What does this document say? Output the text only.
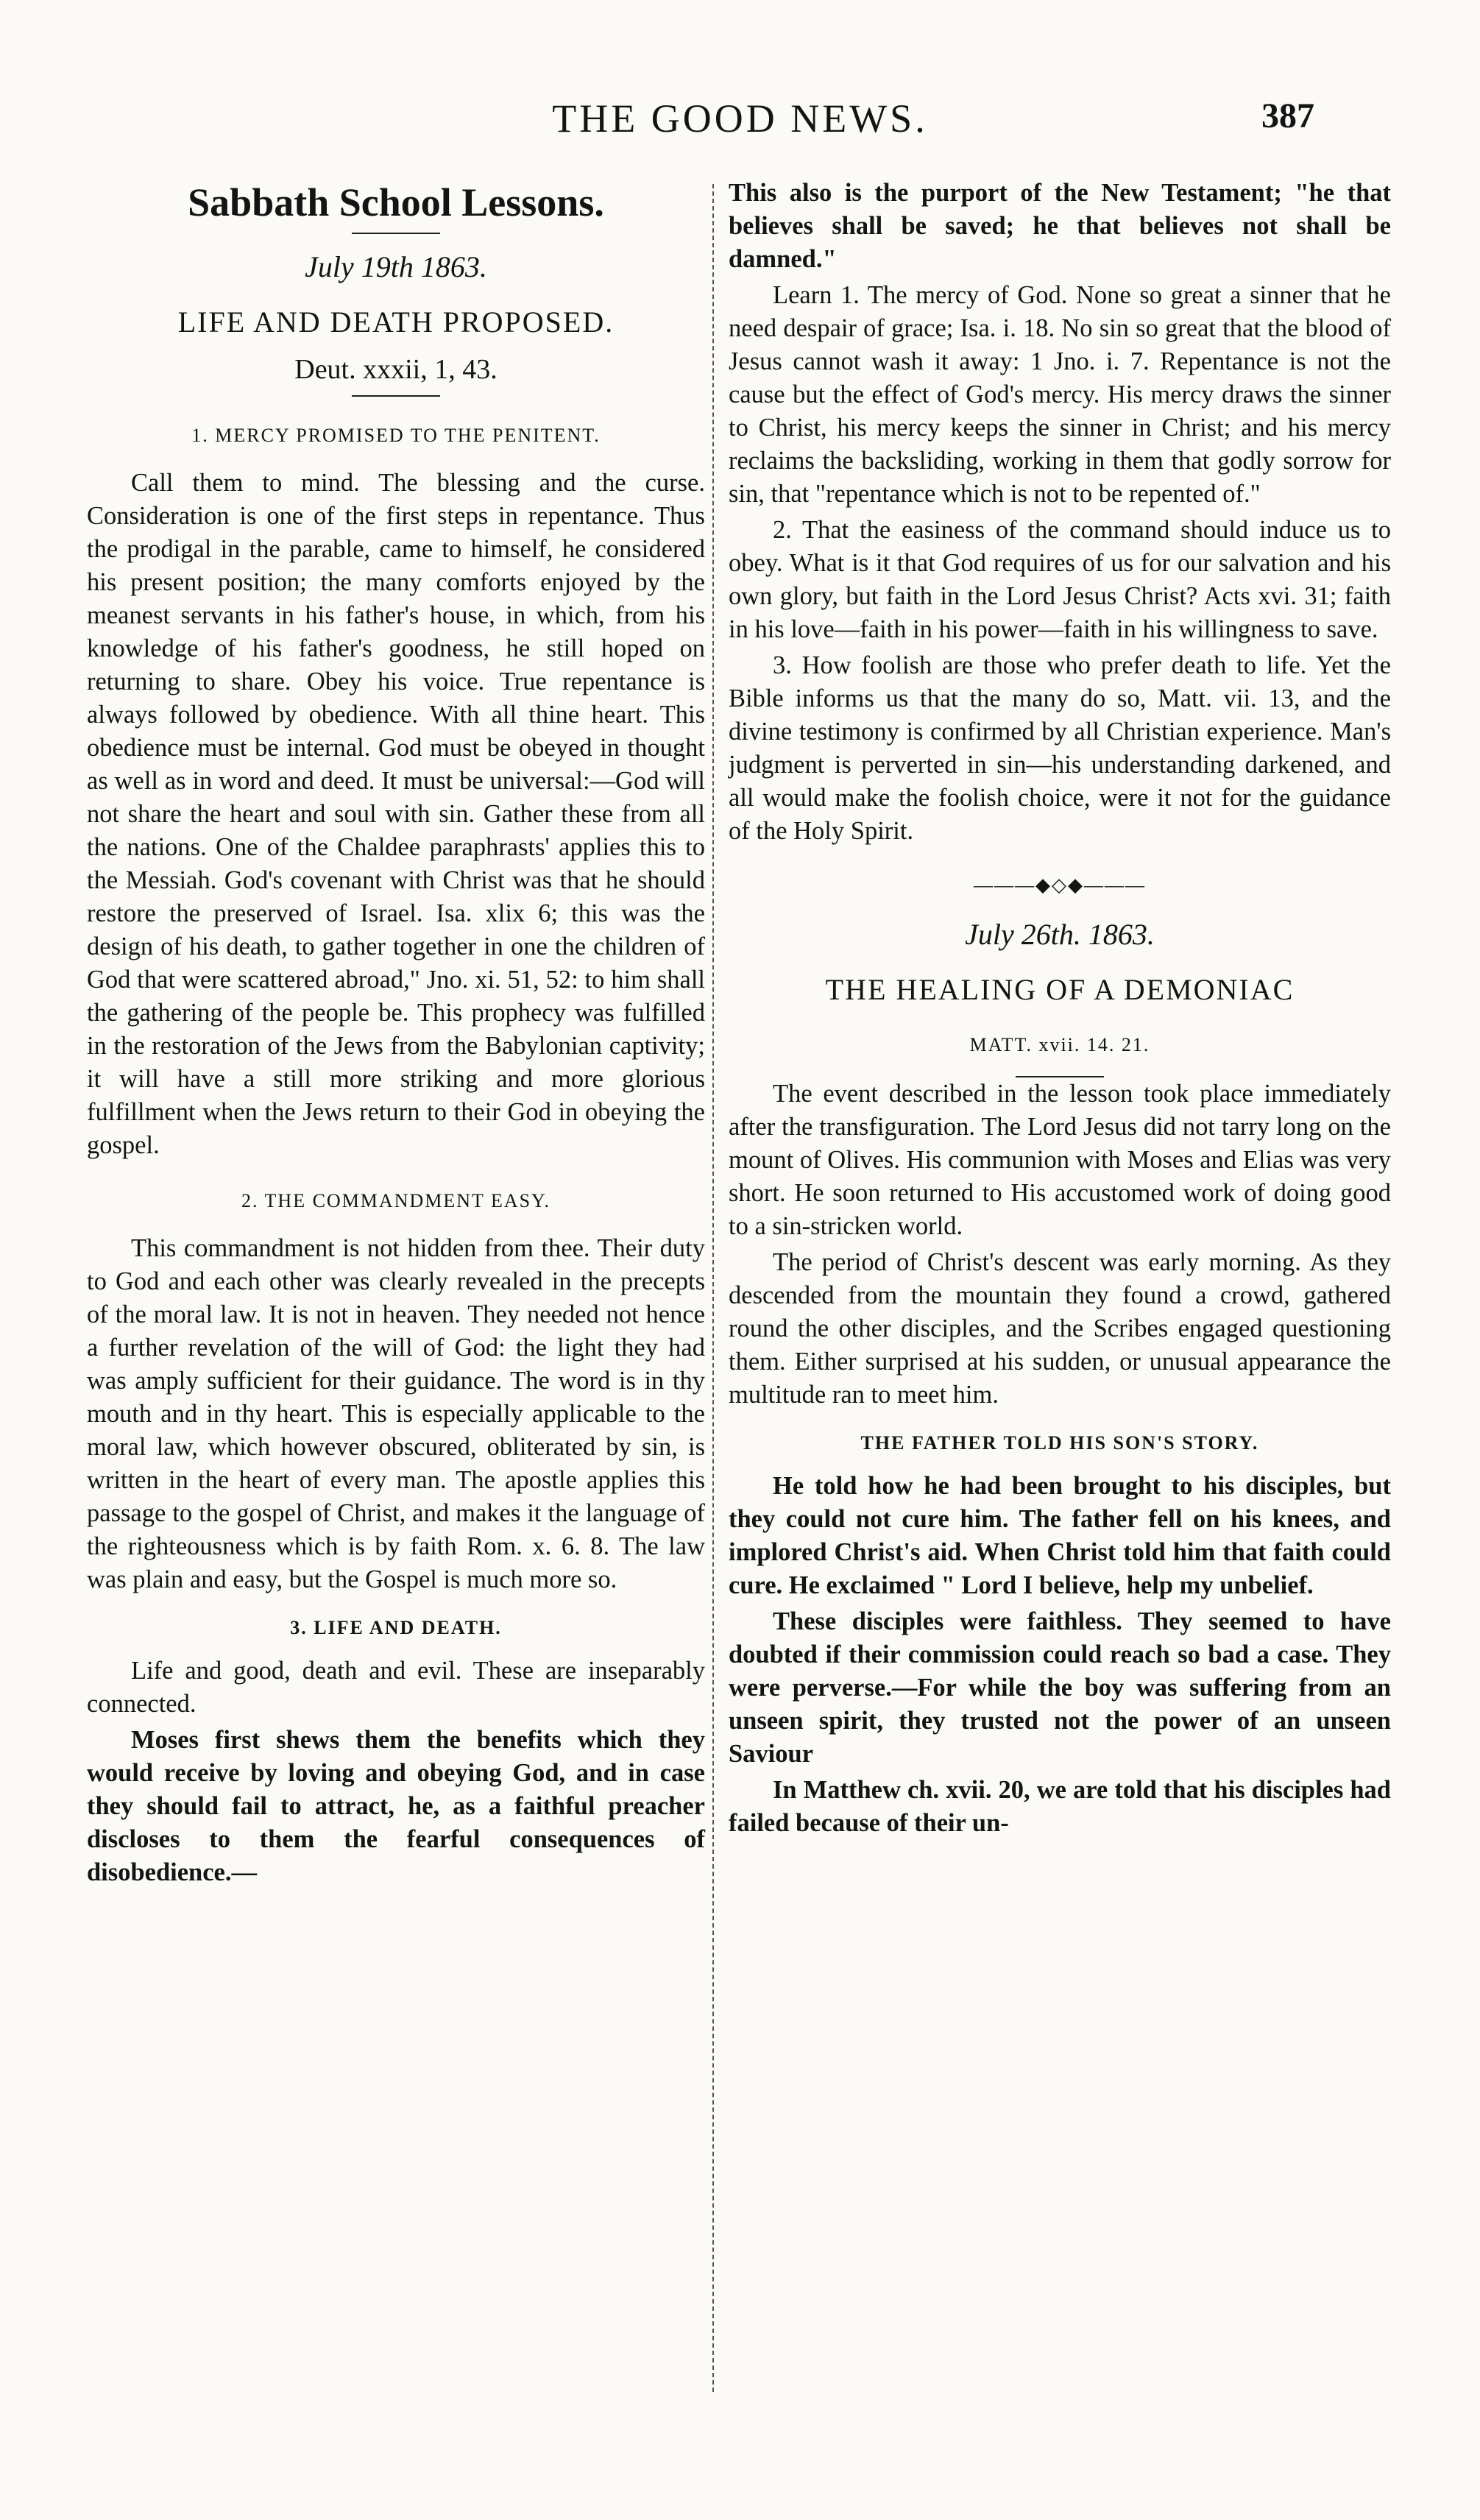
THE GOOD NEWS.	387
Sabbath School Lessons.
July 19th 1863.
LIFE AND DEATH PROPOSED.
Deut. xxxii, 1, 43.
1. MERCY PROMISED TO THE PENITENT.

Call them to mind. The blessing and the curse. Consideration is one of the first steps in repentance. Thus the prodigal in the parable, came to himself, he considered his present position; the many comforts enjoyed by the meanest servants in his father's house, in which, from his knowledge of his father's goodness, he still hoped on returning to share. Obey his voice. True repentance is always followed by obedience. With all thine heart. This obedience must be internal. God must be obeyed in thought as well as in word and deed. It must be universal:—God will not share the heart and soul with sin. Gather these from all the nations. One of the Chaldee paraphrasts' applies this to the Messiah. God's covenant with Christ was that he should restore the preserved of Israel. Isa. xlix 6; this was the design of his death, to gather together in one the children of God that were scattered abroad," Jno. xi. 51, 52: to him shall the gathering of the people be. This prophecy was fulfilled in the restoration of the Jews from the Babylonian captivity; it will have a still more striking and more glorious fulfillment when the Jews return to their God in obeying the gospel.

2. THE COMMANDMENT EASY.

This commandment is not hidden from thee. Their duty to God and each other was clearly revealed in the precepts of the moral law. It is not in heaven. They needed not hence a further revelation of the will of God: the light they had was amply sufficient for their guidance. The word is in thy mouth and in thy heart. This is especially applicable to the moral law, which however obscured, obliterated by sin, is written in the heart of every man. The apostle applies this passage to the gospel of Christ, and makes it the language of the righteousness which is by faith Rom. x. 6. 8. The law was plain and easy, but the Gospel is much more so.

3. LIFE AND DEATH.

Life and good, death and evil. These are inseparably connected.

Moses first shews them the benefits which they would receive by loving and obeying God, and in case they should fail to attract, he, as a faithful preacher discloses to them the fearful consequences of disobedience.—

This also is the purport of the New Testament; "he that believes shall be saved; he that believes not shall be damned."

Learn 1. The mercy of God. None so great a sinner that he need despair of grace; Isa. i. 18. No sin so great that the blood of Jesus cannot wash it away: 1 Jno. i. 7. Repentance is not the cause but the effect of God's mercy. His mercy draws the sinner to Christ, his mercy keeps the sinner in Christ; and his mercy reclaims the backsliding, working in them that godly sorrow for sin, that "repentance which is not to be repented of."

2. That the easiness of the command should induce us to obey. What is it that God requires of us for our salvation and his own glory, but faith in the Lord Jesus Christ? Acts xvi. 31; faith in his love—faith in his power—faith in his willingness to save.

3. How foolish are those who prefer death to life. Yet the Bible informs us that the many do so, Matt. vii. 13, and the divine testimony is confirmed by all Christian experience. Man's judgment is perverted in sin—his understanding darkened, and all would make the foolish choice, were it not for the guidance of the Holy Spirit.

———◆◇◆———
July 26th. 1863.
THE HEALING OF A DEMONIAC
MATT. xvii. 14. 21.

The event described in the lesson took place immediately after the transfiguration. The Lord Jesus did not tarry long on the mount of Olives. His communion with Moses and Elias was very short. He soon returned to His accustomed work of doing good to a sin-stricken world.

The period of Christ's descent was early morning. As they descended from the mountain they found a crowd, gathered round the other disciples, and the Scribes engaged questioning them. Either surprised at his sudden, or unusual appearance the multitude ran to meet him.

THE FATHER TOLD HIS SON'S STORY.

He told how he had been brought to his disciples, but they could not cure him. The father fell on his knees, and implored Christ's aid. When Christ told him that faith could cure. He exclaimed " Lord I believe, help my unbelief.

These disciples were faithless. They seemed to have doubted if their commission could reach so bad a case. They were perverse.—For while the boy was suffering from an unseen spirit, they trusted not the power of an unseen Saviour

In Matthew ch. xvii. 20, we are told that his disciples had failed because of their un-
